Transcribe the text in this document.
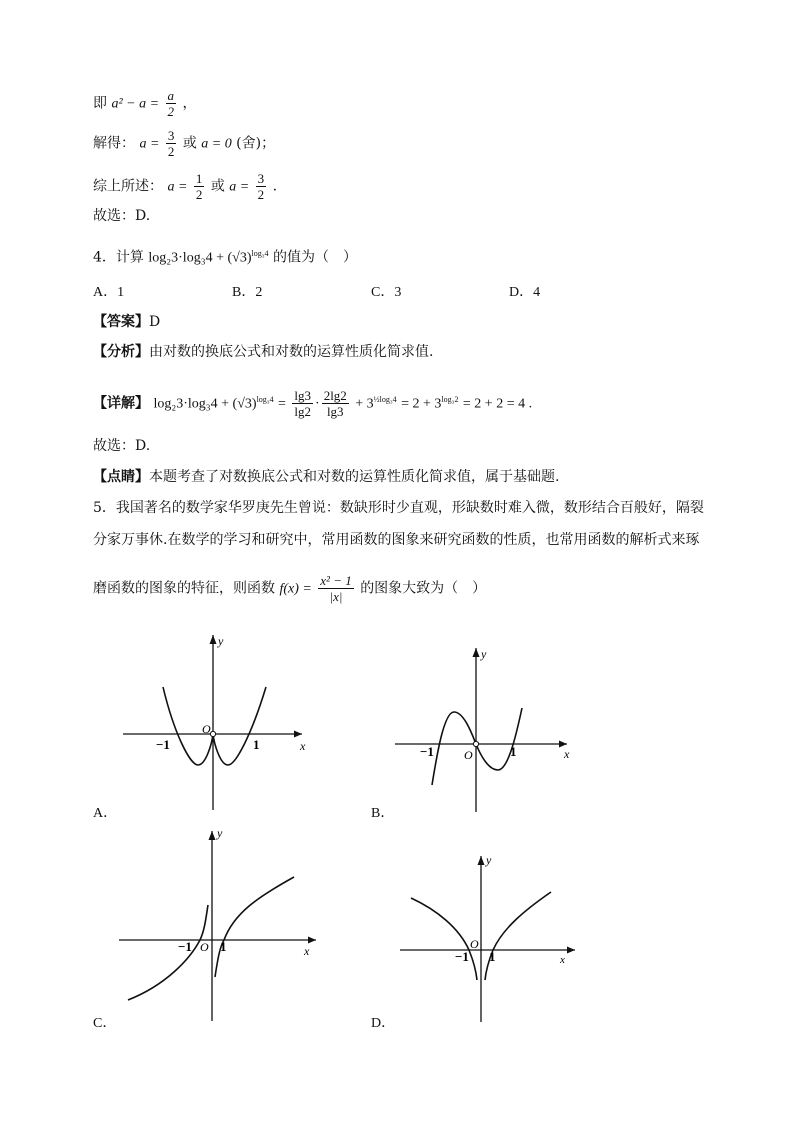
即 $a^2 - a = \frac{a}{2}$ ，
解得： $a = \frac{3}{2}$ 或 a = 0 (舍)；
综上所述： $a = \frac{1}{2}$ 或 $a = \frac{3}{2}$ .
故选：D.
4．计算 $\log_23\cdot\log_34 + (√3)^{log_34}$ 的值为（　）
A．1	B．2	C．3	D．4
【答案】D
【分析】由对数的换底公式和对数的运算性质化简求值.
【详解】 $\log_23\cdot\log_34 + (√3)^{log_34} = \frac{\lg 3}{\lg 2} \cdot \frac{2\lg 2}{\lg 3} + 3^{\frac{1}{2}log_34} = 2 + 3^{log_32} = 2 + 2 = 4$ .
故选：D.
【点睛】本题考查了对数换底公式和对数的运算性质化简求值，属于基础题.
5．我国著名的数学家华罗庚先生曾说：数缺形时少直观，形缺数时难入微，数形结合百般好，隔裂
分家万事休.在数学的学习和研究中，常用函数的图象来研究函数的性质，也常用函数的解析式来琢
磨函数的图象的特征，则函数 $f(x) = \frac{\text{x² − 1}}{|x|}$ 的图象大致为（　）
y
x
O
−1	1
A．
y
x
O
−1	1
B．
y
x
O
−1 1
C．
y
x
O
−1 1
D．
